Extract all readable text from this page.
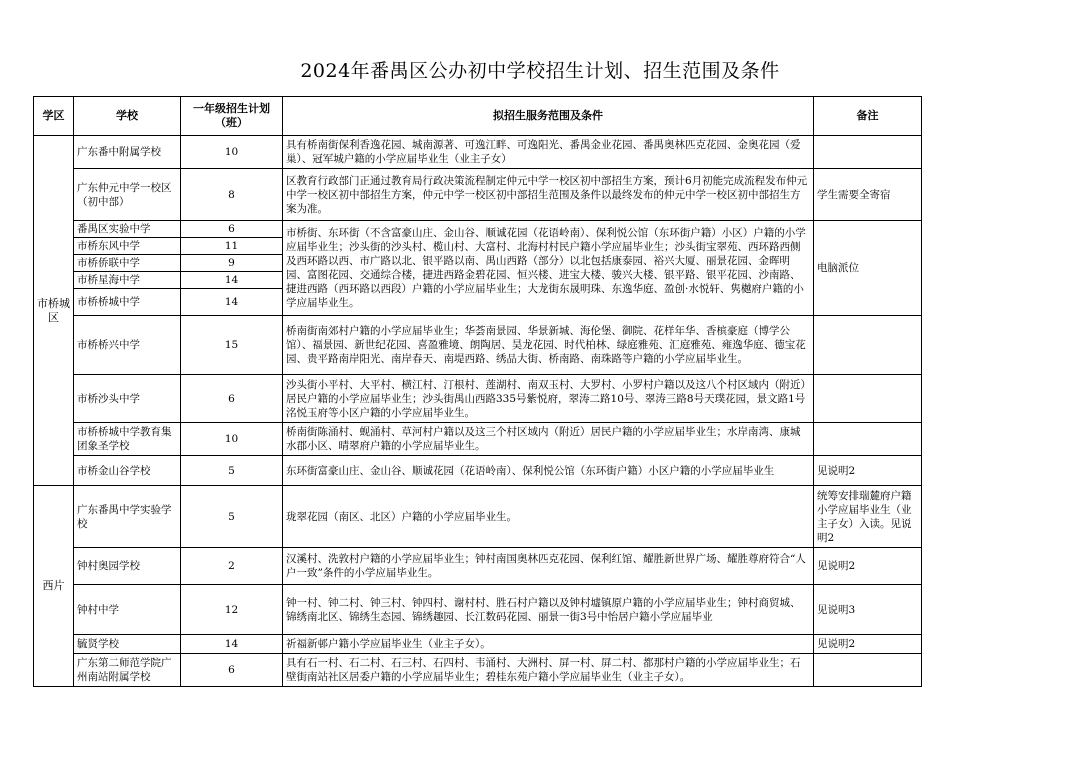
2024年番禺区公办初中学校招生计划、招生范围及条件
学区	学校	一年级招生计划（班）	拟招生服务范围及条件	备注
市桥城区	广东番中附属学校	10	具有桥南街保利香逸花园、城南源著、可逸江畔、可逸阳光、番禺金业花园、番禺奥林匹克花园、金奥花园（爱巢）、冠军城户籍的小学应届毕业生（业主子女）	
	广东仲元中学一校区（初中部）	8	区教育行政部门正通过教育局行政决策流程制定仲元中学一校区初中部招生方案，预计6月初能完成流程发布仲元中学一校区初中部招生方案，仲元中学一校区初中部招生范围及条件以最终发布的仲元中学一校区初中部招生方案为准。	学生需要全寄宿
	番禺区实验中学	6	市桥街、东环街（不含富豪山庄、金山谷、顺诚花园（花语岭南）、保利悦公馆（东环街户籍）小区）户籍的小学应届毕业生；沙头街的沙头村、榄山村、大富村、北海村村民户籍小学应届毕业生；沙头街宝翠苑、西环路西侧及西环路以西、市广路以北、银平路以南、禺山西路（部分）以北包括康泰园、裕兴大厦、丽景花园、金晖明园、富图花园、交通综合楼，捷进西路金碧花园、恒兴楼、进宝大楼、骏兴大楼、银平路、银平花园、沙南路、捷进西路（西环路以西段）户籍的小学应届毕业生；大龙街东晟明珠、东逸华庭、盈创·水悦轩、隽樾府户籍的小学应届毕业生。	电脑派位
	市桥东风中学	11		
	市桥侨联中学	9		
	市桥星海中学	14		
	市桥桥城中学	14		
	市桥桥兴中学	15	桥南街南郊村户籍的小学应届毕业生；华荟南景园、华景新城、海伦堡、御院、花样年华、香槟豪庭（博学公馆）、福景园、新世纪花园、喜盈雅境、朗陶居、昊龙花园、时代柏林、绿庭雅苑、汇庭雅苑、雍逸华庭、德宝花园、贵平路南岸阳光、南岸春天、南堤西路、绣品大街、桥南路、南珠路等户籍的小学应届毕业生。	
	市桥沙头中学	6	沙头街小平村、大平村、横江村、汀根村、莲湖村、南双玉村、大罗村、小罗村户籍以及这八个村区域内（附近）居民户籍的小学应届毕业生；沙头街禺山西路335号紫悦府，翠涛二路10号、翠涛三路8号天璞花园，景文路1号洺悦玉府等小区户籍的小学应届毕业生。	
	市桥桥城中学教育集团象圣学校	10	桥南街陈涌村、蚬涌村、草河村户籍以及这三个村区域内（附近）居民户籍的小学应届毕业生；水岸南湾、康城水郡小区、晴翠府户籍的小学应届毕业生。	
	市桥金山谷学校	5	东环街富豪山庄、金山谷、顺诚花园（花语岭南）、保利悦公馆（东环街户籍）小区户籍的小学应届毕业生	见说明2
西片	广东番禺中学实验学校	5	珑翠花园（南区、北区）户籍的小学应届毕业生。	统筹安排瑞麓府户籍小学应届毕业生（业主子女）入读。见说明2
	钟村奥园学校	2	汉溪村、洗敦村户籍的小学应届毕业生；钟村南国奥林匹克花园、保利红馆、耀胜新世界广场、耀胜尊府符合“人户一致”条件的小学应届毕业生。	见说明2
	钟村中学	12	钟一村、钟二村、钟三村、钟四村、谢村村、胜石村户籍以及钟村墟镇原户籍的小学应届毕业生；钟村商贸城、锦绣南北区、锦绣生态园、锦绣趣园、长江数码花园、丽景一街3号中怡居户籍小学应届毕业	见说明3
	毓贤学校	14	祈福新邨户籍小学应届毕业生（业主子女）。	见说明2
	广东第二师范学院广州南站附属学校	6	具有石一村、石二村、石三村、石四村、韦涌村、大洲村、屏一村、屏二村、都那村户籍的小学应届毕业生；石壁街南站社区居委户籍的小学应届毕业生；碧桂东苑户籍小学应届毕业生（业主子女）。	
